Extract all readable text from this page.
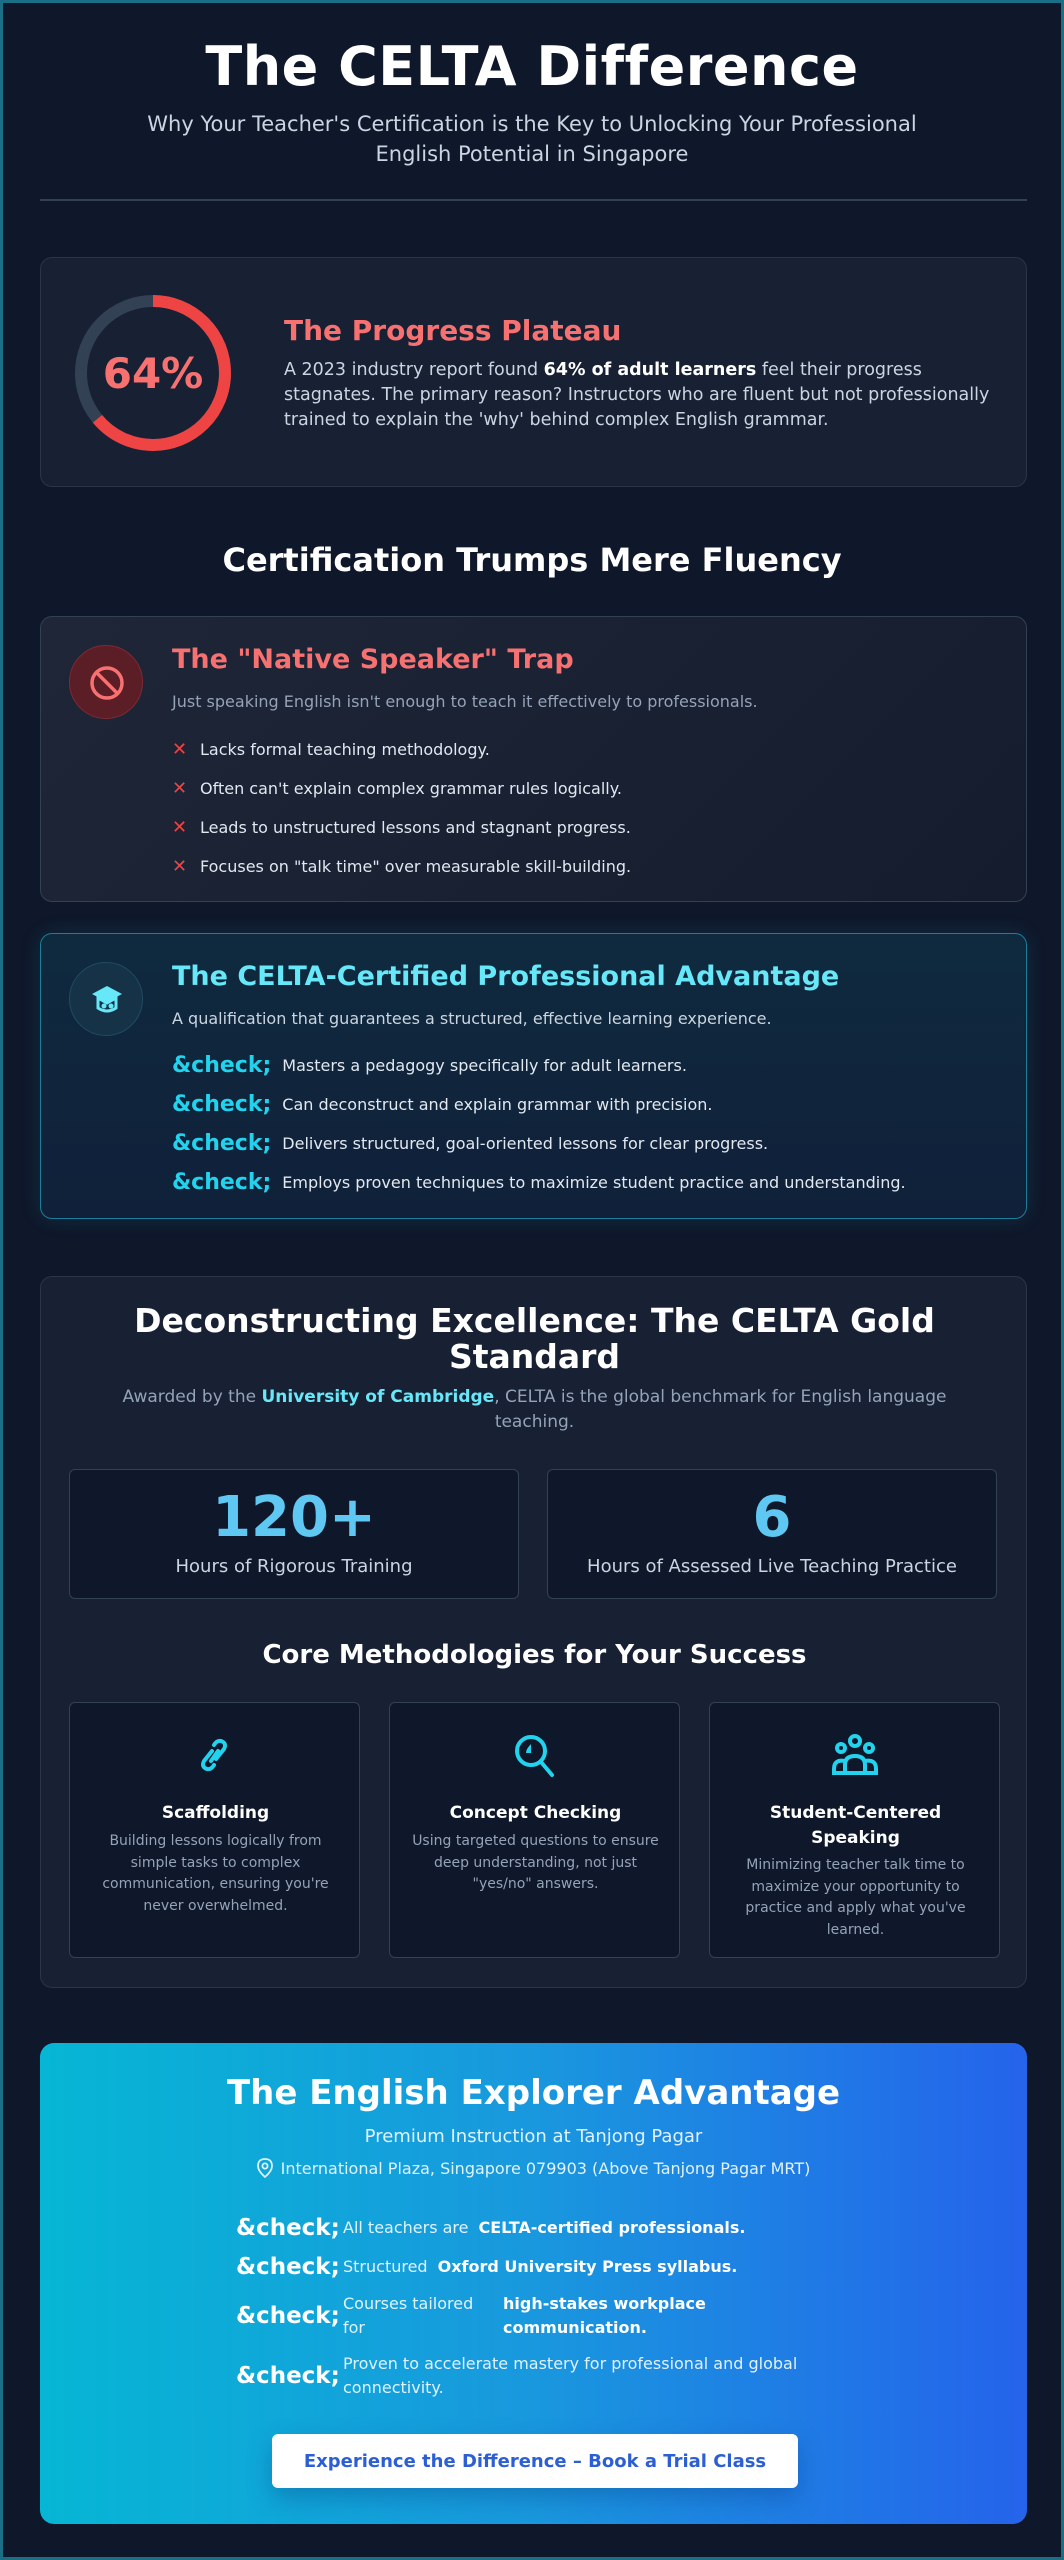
The CELTA Difference

Why Your Teacher's Certification is the Key to Unlocking Your Professional English Potential in Singapore

64%
The Progress Plateau

A 2023 industry report found 64% of adult learners feel their progress stagnates. The primary reason? Instructors who are fluent but not professionally trained to explain the 'why' behind complex English grammar.

Certification Trumps Mere Fluency
The "Native Speaker" Trap

Just speaking English isn't enough to teach it effectively to professionals.

✕ Lacks formal teaching methodology.
✕ Often can't explain complex grammar rules logically.
✕ Leads to unstructured lessons and stagnant progress.
✕ Focuses on "talk time" over measurable skill-building.
The CELTA-Certified Professional Advantage

A qualification that guarantees a structured, effective learning experience.

&check; Masters a pedagogy specifically for adult learners.
&check; Can deconstruct and explain grammar with precision.
&check; Delivers structured, goal-oriented lessons for clear progress.
&check; Employs proven techniques to maximize student practice and understanding.
Deconstructing Excellence: The CELTA Gold Standard

Awarded by the University of Cambridge, CELTA is the global benchmark for English language teaching.

120+
Hours of Rigorous Training
6
Hours of Assessed Live Teaching Practice
Core Methodologies for Your Success
Scaffolding
Building lessons logically from simple tasks to complex communication, ensuring you're never overwhelmed.
Concept Checking
Using targeted questions to ensure deep understanding, not just "yes/no" answers.
Student-Centered Speaking
Minimizing teacher talk time to maximize your opportunity to practice and apply what you've learned.
The English Explorer Advantage

Premium Instruction at Tanjong Pagar

International Plaza, Singapore 079903 (Above Tanjong Pagar MRT)

&check; All teachers are CELTA-certified professionals.
&check; Structured Oxford University Press syllabus.
&check; Courses tailored for
high-stakes workplace communication.
&check; Proven to accelerate mastery for professional and global connectivity.
Experience the Difference – Book a Trial Class
